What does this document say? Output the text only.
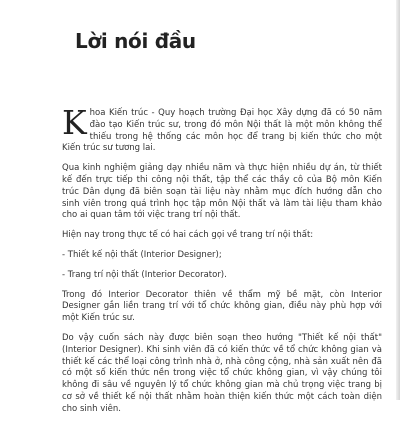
Lời nói đầu

Khoa Kiến trúc - Quy hoạch trường Đại học Xây dựng đã có 50 năm đào tạo Kiến trúc sư, trong đó môn Nội thất là một môn không thể thiếu trong hệ thống các môn học để trang bị kiến thức cho một Kiến trúc sư tương lai.

Qua kinh nghiệm giảng dạy nhiều năm và thực hiện nhiều dự án, từ thiết kế đến trực tiếp thi công nội thất, tập thể các thầy cô của Bộ môn Kiến trúc Dân dụng đã biên soạn tài liệu này nhằm mục đích hướng dẫn cho sinh viên trong quá trình học tập môn Nội thất và làm tài liệu tham khảo cho ai quan tâm tới việc trang trí nội thất.

Hiện nay trong thực tế có hai cách gọi về trang trí nội thất:

- Thiết kế nội thất (Interior Designer);

- Trang trí nội thất (Interior Decorator).

Trong đó Interior Decorator thiên về thẩm mỹ bề mặt, còn Interior Designer gắn liền trang trí với tổ chức không gian, điều này phù hợp với một Kiến trúc sư.

Do vậy cuốn sách này được biên soạn theo hướng "Thiết kế nội thất" (Interior Designer). Khi sinh viên đã có kiến thức về tổ chức không gian và thiết kế các thể loại công trình nhà ở, nhà công cộng, nhà sản xuất nên đã có một số kiến thức nền trong việc tổ chức không gian, vì vậy chúng tôi không đi sâu về nguyên lý tổ chức không gian mà chủ trọng việc trang bị cơ sở về thiết kế nội thất nhằm hoàn thiện kiến thức một cách toàn diện cho sinh viên.
